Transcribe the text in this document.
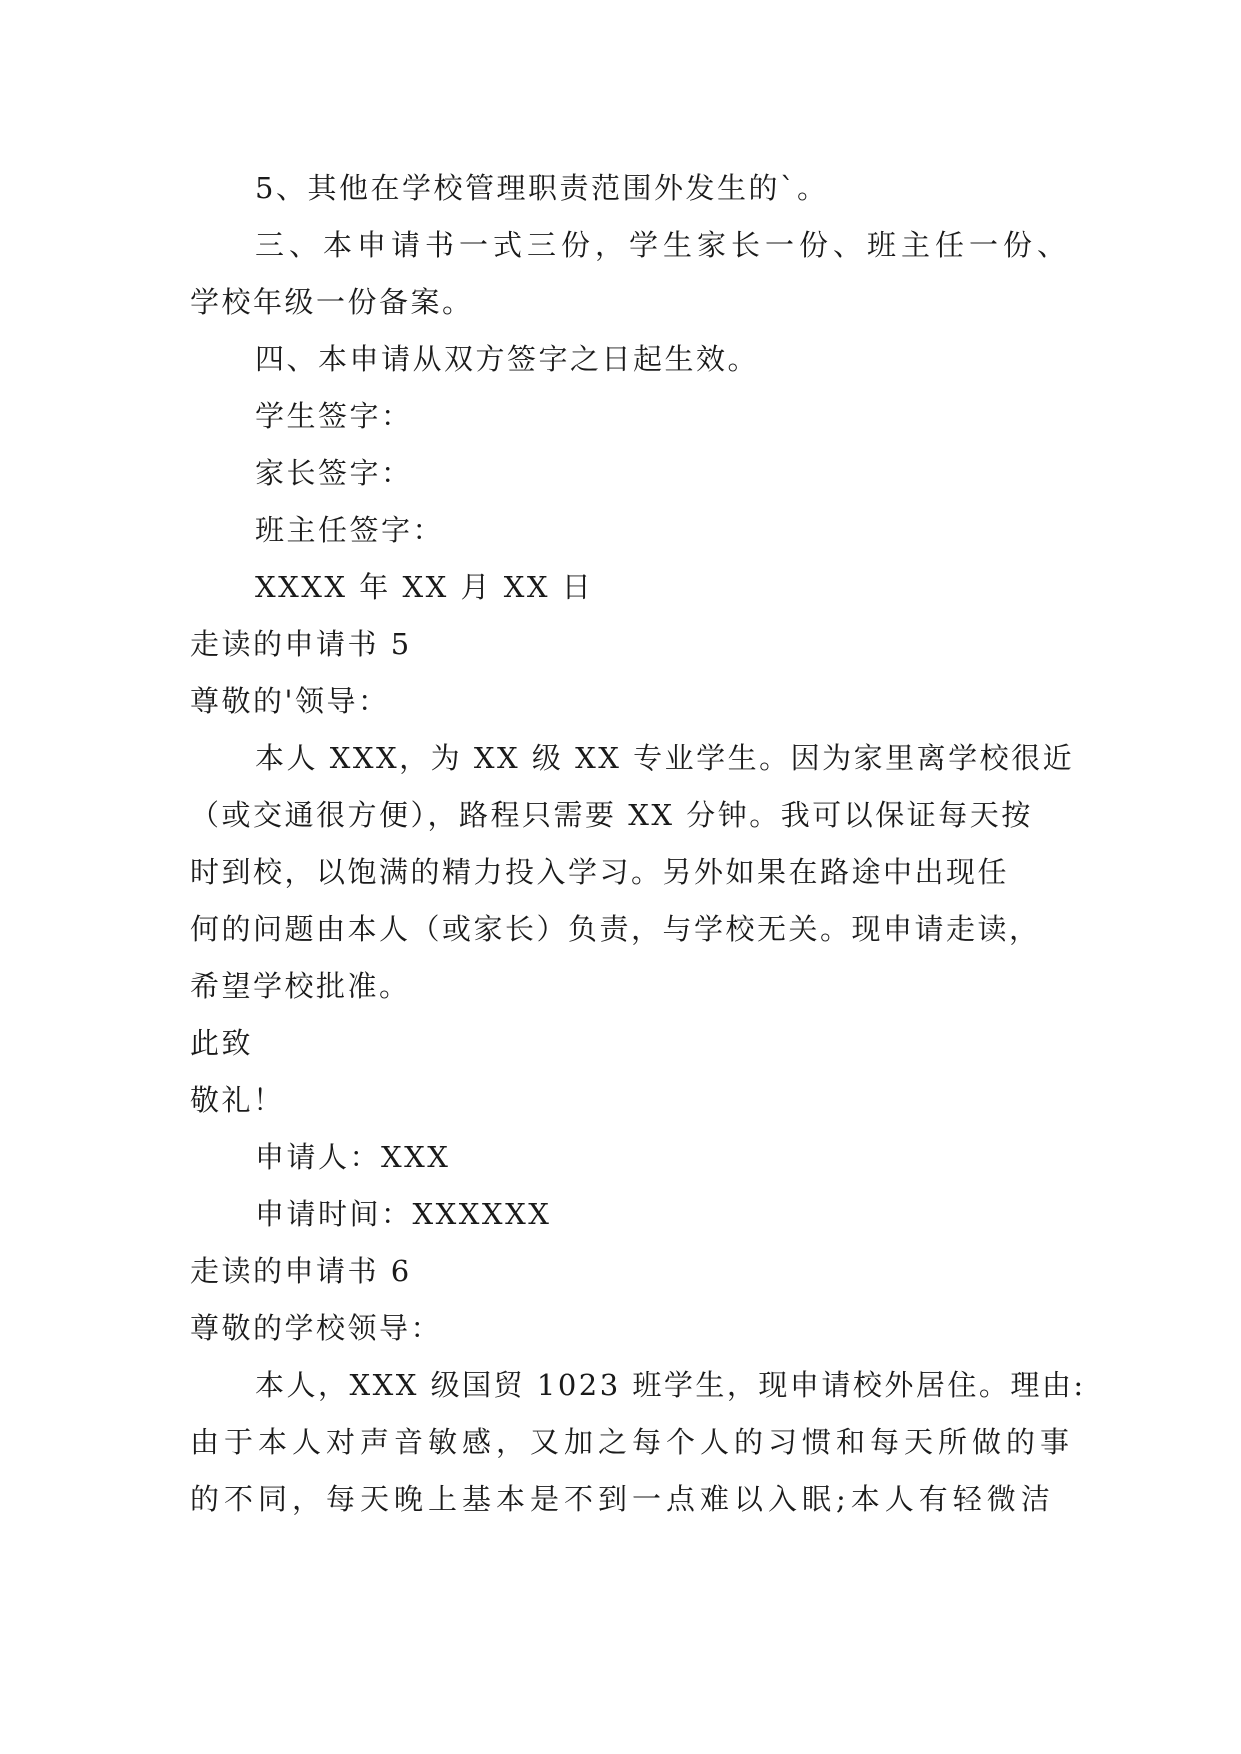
5、其他在学校管理职责范围外发生的`。
三、本申请书一式三份，学生家长一份、班主任一份、
学校年级一份备案。
四、本申请从双方签字之日起生效。
学生签字：
家长签字：
班主任签字：
XXXX 年 XX 月 XX 日
走读的申请书 5
尊敬的'领导：
本人 XXX，为 XX 级 XX 专业学生。因为家里离学校很近
（或交通很方便），路程只需要 XX 分钟。我可以保证每天按
时到校，以饱满的精力投入学习。另外如果在路途中出现任
何的问题由本人（或家长）负责，与学校无关。现申请走读，
希望学校批准。
此致
敬礼！
申请人：XXX
申请时间：XXXXXX
走读的申请书 6
尊敬的学校领导：
本人，XXX 级国贸 1023 班学生，现申请校外居住。理由:
由于本人对声音敏感，又加之每个人的习惯和每天所做的事
的不同，每天晚上基本是不到一点难以入眠;本人有轻微洁
